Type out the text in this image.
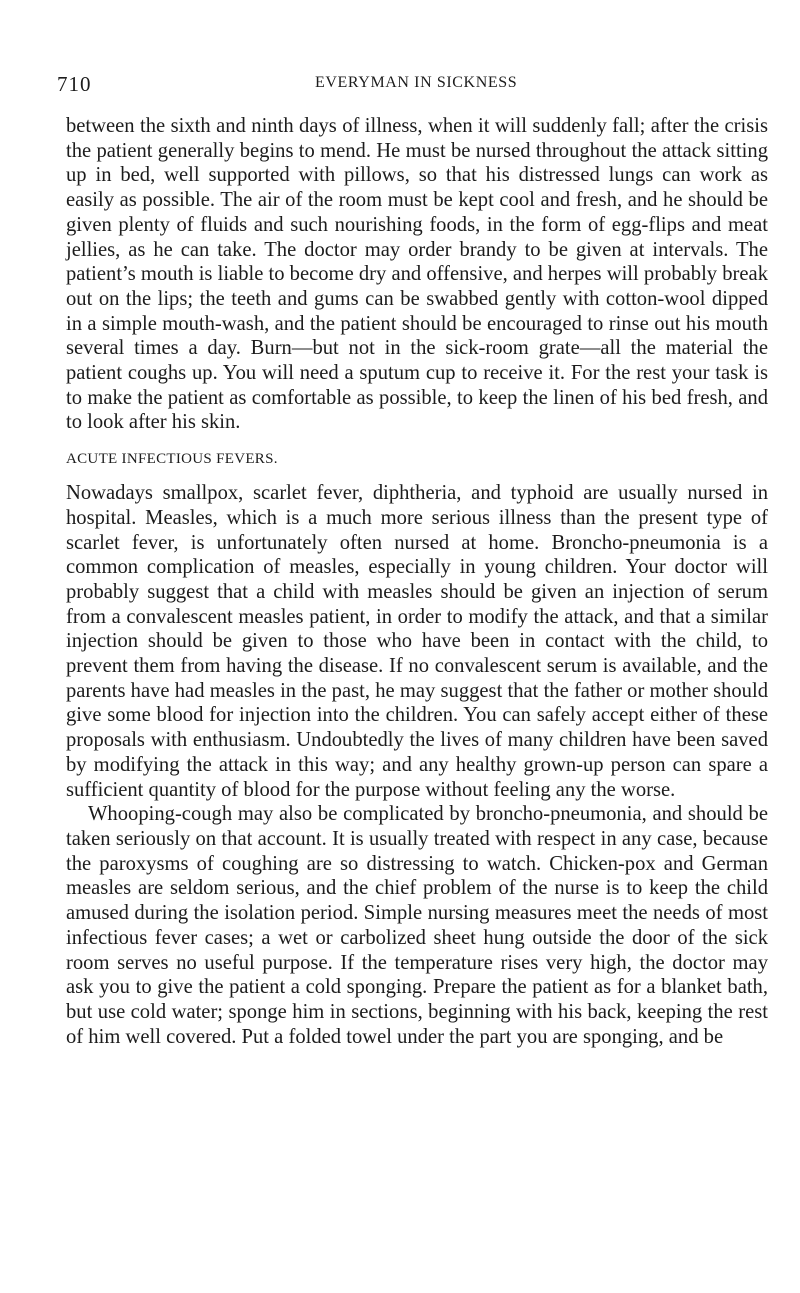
710	EVERYMAN IN SICKNESS

between the sixth and ninth days of illness, when it will suddenly fall; after the crisis the patient generally begins to mend. He must be nursed throughout the attack sitting up in bed, well supported with pillows, so that his distressed lungs can work as easily as possible. The air of the room must be kept cool and fresh, and he should be given plenty of fluids and such nourishing foods, in the form of egg-flips and meat jellies, as he can take. The doctor may order brandy to be given at intervals. The patient’s mouth is liable to become dry and offensive, and herpes will probably break out on the lips; the teeth and gums can be swabbed gently with cotton-wool dipped in a simple mouth-wash, and the patient should be encouraged to rinse out his mouth several times a day. Burn—but not in the sick-room grate—all the material the patient coughs up. You will need a sputum cup to receive it. For the rest your task is to make the patient as comfortable as possible, to keep the linen of his bed fresh, and to look after his skin.

ACUTE INFECTIOUS FEVERS.

Nowadays smallpox, scarlet fever, diphtheria, and typhoid are usually nursed in hospital. Measles, which is a much more serious illness than the present type of scarlet fever, is unfortunately often nursed at home. Broncho-pneumonia is a common complication of measles, especially in young children. Your doctor will probably suggest that a child with measles should be given an injection of serum from a convalescent measles patient, in order to modify the attack, and that a similar injection should be given to those who have been in contact with the child, to prevent them from having the disease. If no convalescent serum is available, and the parents have had measles in the past, he may suggest that the father or mother should give some blood for injection into the children. You can safely accept either of these proposals with enthusiasm. Undoubtedly the lives of many children have been saved by modifying the attack in this way; and any healthy grown-up person can spare a sufficient quantity of blood for the purpose without feeling any the worse.

Whooping-cough may also be complicated by broncho-pneumonia, and should be taken seriously on that account. It is usually treated with respect in any case, because the paroxysms of coughing are so distressing to watch. Chicken-pox and German measles are seldom serious, and the chief problem of the nurse is to keep the child amused during the isolation period. Simple nursing measures meet the needs of most infectious fever cases; a wet or carbolized sheet hung outside the door of the sick room serves no useful purpose. If the temperature rises very high, the doctor may ask you to give the patient a cold sponging. Prepare the patient as for a blanket bath, but use cold water; sponge him in sections, beginning with his back, keeping the rest of him well covered. Put a folded towel under the part you are sponging, and be
